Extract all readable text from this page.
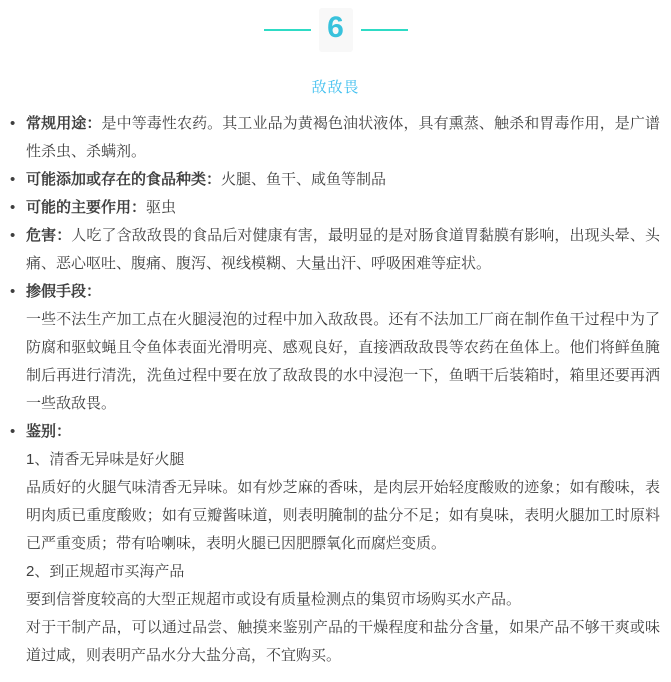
6
敌敌畏
• 常规用途：是中等毒性农药。其工业品为黄褐色油状液体，具有熏蒸、触杀和胃毒作用，是广谱性杀虫、杀螨剂。
• 可能添加或存在的食品种类：火腿、鱼干、咸鱼等制品
• 可能的主要作用：驱虫
• 危害：人吃了含敌敌畏的食品后对健康有害，最明显的是对肠食道胃黏膜有影响，出现头晕、头痛、恶心呕吐、腹痛、腹泻、视线模糊、大量出汗、呼吸困难等症状。
• 掺假手段：

一些不法生产加工点在火腿浸泡的过程中加入敌敌畏。还有不法加工厂商在制作鱼干过程中为了防腐和驱蚊蝇且令鱼体表面光滑明亮、感观良好，直接洒敌敌畏等农药在鱼体上。他们将鲜鱼腌制后再进行清洗，洗鱼过程中要在放了敌敌畏的水中浸泡一下，鱼晒干后装箱时，箱里还要再洒一些敌敌畏。

• 鉴别：

1、清香无异味是好火腿

品质好的火腿气味清香无异味。如有炒芝麻的香味，是肉层开始轻度酸败的迹象；如有酸味，表明肉质已重度酸败；如有豆瓣酱味道，则表明腌制的盐分不足；如有臭味，表明火腿加工时原料已严重变质；带有哈喇味，表明火腿已因肥膘氧化而腐烂变质。

2、到正规超市买海产品

要到信誉度较高的大型正规超市或设有质量检测点的集贸市场购买水产品。

对于干制产品，可以通过品尝、触摸来鉴别产品的干燥程度和盐分含量，如果产品不够干爽或味道过咸，则表明产品水分大盐分高，不宜购买。
